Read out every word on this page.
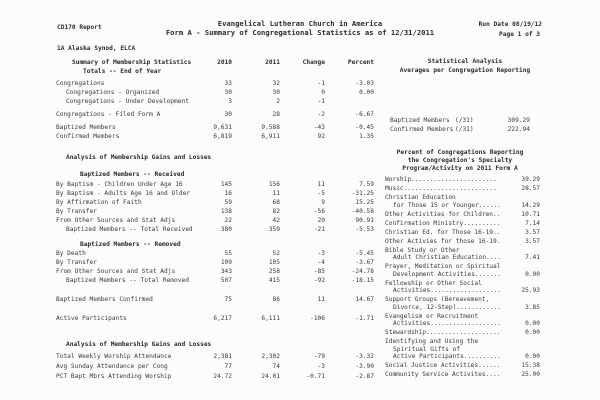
CD170 Report	Evangelical Lutheran Church in America
Form A - Summary of Congregational Statistics as of 12/31/2011
Run Date 08/19/12
Page 1 of 3
1A Alaska Synod, ELCA
Summary of Membership Statistics	2010	2011	Change	Percent
Totals -- End of Year
Congregations	33	32	-1	-3.03
Congregations - Organized	30	30	0	0.00
Congregations - Under Development	3	2	-1
Congregations - Filed Form A	30	28	-2	-6.67
Baptized Members	9,631	9,588	-43	-0.45
Confirmed Members	6,819	6,911	92	1.35
Analysis of Membership Gains and Losses
Baptized Members -- Received
By Baptism - Children Under Age 16	145	156	11	7.59
By Baptism - Adults Age 16 and Older	16	11	-5	-31.25
By Affirmation of Faith	59	68	9	15.25
By Transfer	138	82	-56	-40.58
From Other Sources and Stat Adjs	22	42	20	90.91
Baptized Members -- Total Received	380	359	-21	-5.53
Baptized Members -- Removed
By Death	55	52	-3	-5.45
By Transfer	109	105	-4	-3.67
From Other Sources and Stat Adjs	343	258	-85	-24.78
Baptized Members -- Total Removed	507	415	-92	-18.15
Baptized Members Confirmed	75	86	11	14.67
Active Participants	6,217	6,111	-106	-1.71
Analysis of Membership Gains and Losses
Total Weekly Worship Attendance	2,381	2,302	-79	-3.32
Avg Sunday Attendance per Cong	77	74	-3	-3.90
PCT Bapt Mbrs Attending Worship	24.72	24.01	-0.71	-2.87
Statistical Analysis
Averages per Congregation Reporting
Baptized Members (/31)	309.29
Confirmed Members (/31)	222.94
Percent of Congregations Reporting
the Congregation's Specialty
Program/Activity on 2011 Form A
Worship.......................	39.29
Music.........................	28.57
Christian Education
for Those 15 or Younger......	14.29
Other Activities for Children..	10.71
Confirmation Ministry..........	7.14
Christian Ed. for Those 16-19..	3.57
Other Activies for those 16-19.	3.57
Bible Study or Other
Adult Christian Education....	7.41
Prayer, Meditation or Spiritual
Development Activities.......	0.00
Fellowship or Other Social
Activities...................	25.93
Support Groups (Bereavement,
Divorce, 12-Step)............	3.85
Evangelism or Recruitment
Activities...................	0.00
Stewardship....................	0.00
Identifying and Using the
Spiritual Gifts of
Active Participants..........	0.00
Social Justice Activities......	15.38
Community Service Activites....	25.00
